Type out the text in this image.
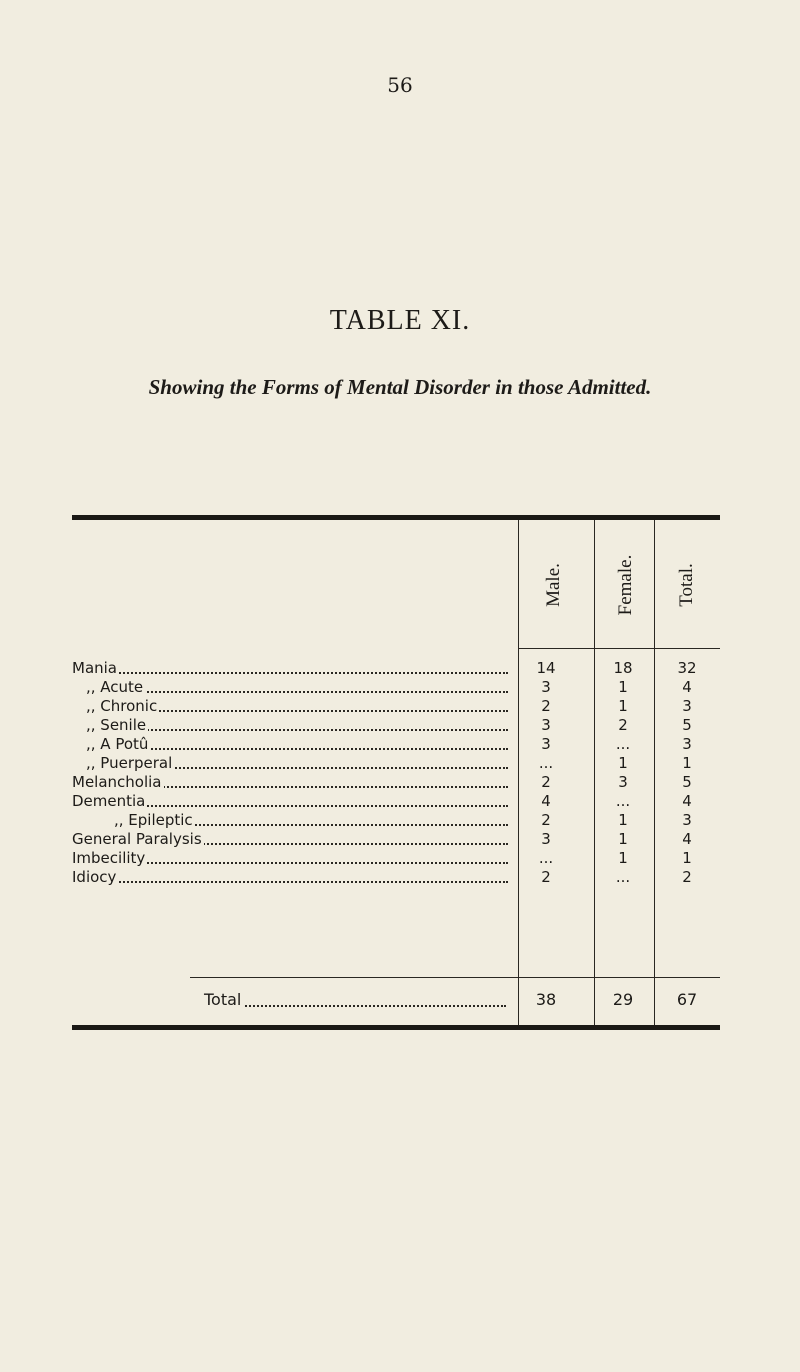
56
TABLE XI.
Showing the Forms of Mental Disorder in those Admitted.
Male.	Female. Total.
Mania	14	18	32
,, Acute	3	1	4
,, Chronic	2	1	3
,, Senile	3	2	5
,, A Potû	3	...	3
,, Puerperal	...	1	1
Melancholia	2	3	5
Dementia	4	...	4
,, Epileptic	2	1	3
General Paralysis	3	1	4
Imbecility	...	1	1
Idiocy	2	...	2
Total	38	29	67
